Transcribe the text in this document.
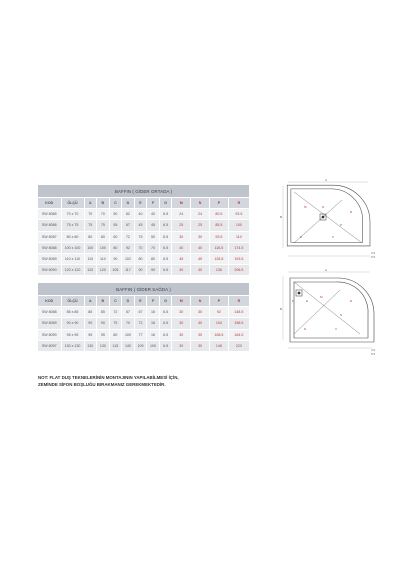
BAFFIN ( GİDER ORTADA )												
KOD	ÖLÇÜ	A	B	C	D	E	F	G	M	N	P	R
SW 8085	70 x 70	70	70	50	62	40	40	6.5	24	24	80.5	93.5
SW 8086	75 x 75	75	75	55	67	45	45	6.5	25	25	85.5	100
SW 8087	80 x 80	80	80	60	72	75	50	6.5	30	30	93.5	110
SW 8088	100 x 100	100	100	80	92	70	70	6.5	40	40	116.5	174.5
SW 8089	110 x 110	110	110	90	102	80	80	6.5	45	45	128.5	193.5
SW 8090	120 x 120	120	120	105	117	90	90	6.5	40	40	136	206.5
BAFFIN ( GİDER SAĞDA )												
KOD	ÖLÇÜ	A	B	C	D	E	F	G	M	N	P	R
SW 8088	85 x 85	85	85	72	67	67	16	6.5	30	30	92	148.5
SW 8089	90 x 90	90	90	75	70	72	16	6.5	30	30	104	158.5
SW 8090	95 x 95	95	95	80	100	77	16	6.5	30	30	108.5	164.5
SW 8097	130 x 130	130	130	115	140	109	100	6.5	30	30	148	223
NOT: FLAT DUŞ TEKNELERİNİN MONTAJININ YAPILABİLMESİ İÇİN,
ZEMİNDE SİFON BOŞLUĞU BIRAKMANIZ GEREKMEKTEDİR.
A
B
C
D
M	N
P
R
4.5
6.5
A
B
C
D
E
F
M
N
R
4.5
5.5
